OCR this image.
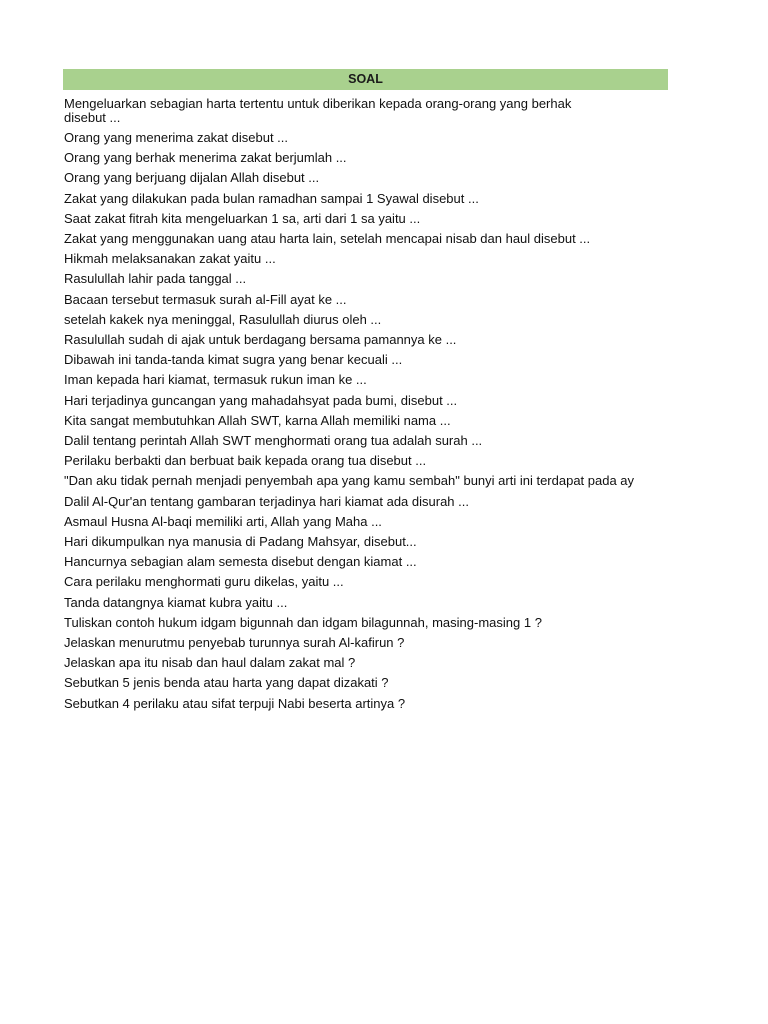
SOAL
Mengeluarkan sebagian harta tertentu untuk diberikan kepada orang-orang yang berhak disebut ...
Orang yang menerima zakat disebut ...
Orang yang berhak menerima zakat berjumlah ...
Orang yang berjuang dijalan Allah disebut ...
Zakat yang dilakukan pada bulan ramadhan sampai 1 Syawal disebut ...
Saat zakat fitrah kita mengeluarkan 1 sa, arti dari 1 sa yaitu ...
Zakat yang menggunakan uang atau harta lain, setelah mencapai nisab dan haul disebut ...
Hikmah melaksanakan zakat yaitu ...
Rasulullah lahir pada tanggal ...
Bacaan tersebut termasuk surah al-Fill ayat ke ...
setelah kakek nya meninggal, Rasulullah diurus oleh ...
Rasulullah sudah di ajak untuk berdagang bersama pamannya ke ...
Dibawah ini tanda-tanda kimat sugra yang benar kecuali ...
Iman kepada hari kiamat, termasuk rukun iman ke ...
Hari terjadinya guncangan yang mahadahsyat pada bumi, disebut ...
Kita sangat membutuhkan Allah SWT, karna Allah memiliki nama ...
Dalil tentang perintah Allah SWT menghormati orang tua adalah surah ...
Perilaku berbakti dan berbuat baik kepada orang tua disebut ...
"Dan aku tidak pernah menjadi penyembah apa yang kamu sembah" bunyi arti ini terdapat pada ay
Dalil Al-Qur'an tentang gambaran terjadinya hari kiamat ada disurah ...
Asmaul Husna Al-baqi memiliki arti, Allah yang Maha ...
Hari dikumpulkan nya manusia di Padang Mahsyar, disebut...
Hancurnya sebagian alam semesta disebut dengan kiamat ...
Cara perilaku menghormati guru dikelas, yaitu ...
Tanda datangnya kiamat kubra yaitu ...
Tuliskan contoh hukum idgam bigunnah dan idgam bilagunnah, masing-masing 1 ?
Jelaskan menurutmu penyebab turunnya surah Al-kafirun ?
Jelaskan apa itu nisab dan haul dalam zakat mal ?
Sebutkan 5 jenis benda atau harta yang dapat dizakati ?
Sebutkan 4 perilaku atau sifat terpuji Nabi beserta artinya ?
